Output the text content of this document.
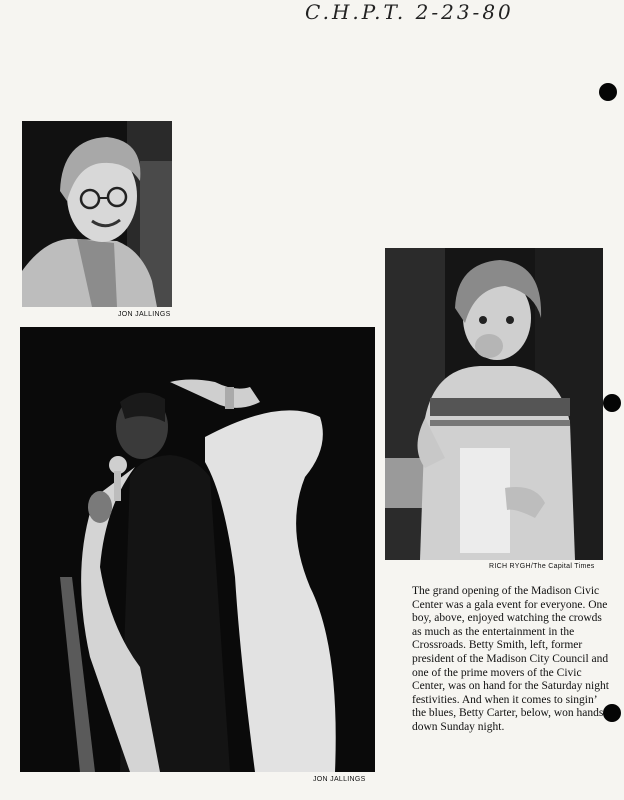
C.H.P.T. 2-23-80
JON JALLINGS
RICH RYGH/The Capital Times
JON JALLINGS
The grand opening of the Madison Civic Center was a gala event for everyone. One boy, above, enjoyed watching the crowds as much as the entertainment in the Crossroads. Betty Smith, left, former president of the Madison City Council and one of the prime movers of the Civic Center, was on hand for the Saturday night festivities. And when it comes to singin’ the blues, Betty Carter, below, won hands down Sunday night.
